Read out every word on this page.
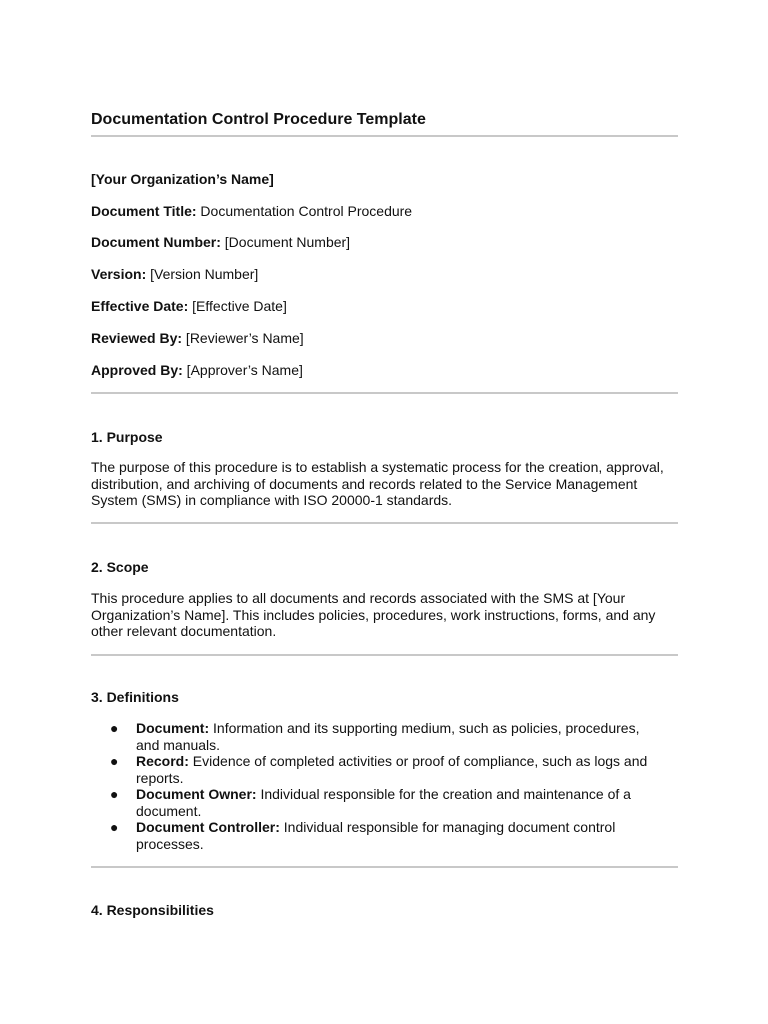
Documentation Control Procedure Template

[Your Organization’s Name]

Document Title: Documentation Control Procedure

Document Number: [Document Number]

Version: [Version Number]

Effective Date: [Effective Date]

Reviewed By: [Reviewer’s Name]

Approved By: [Approver’s Name]

1. Purpose

The purpose of this procedure is to establish a systematic process for the creation, approval, distribution, and archiving of documents and records related to the Service Management System (SMS) in compliance with ISO 20000-1 standards.

2. Scope

This procedure applies to all documents and records associated with the SMS at [Your Organization’s Name]. This includes policies, procedures, work instructions, forms, and any other relevant documentation.

3. Definitions
● Document: Information and its supporting medium, such as policies, procedures, and manuals.
● Record: Evidence of completed activities or proof of compliance, such as logs and reports.
● Document Owner: Individual responsible for the creation and maintenance of a document.
● Document Controller: Individual responsible for managing document control processes.
4. Responsibilities
